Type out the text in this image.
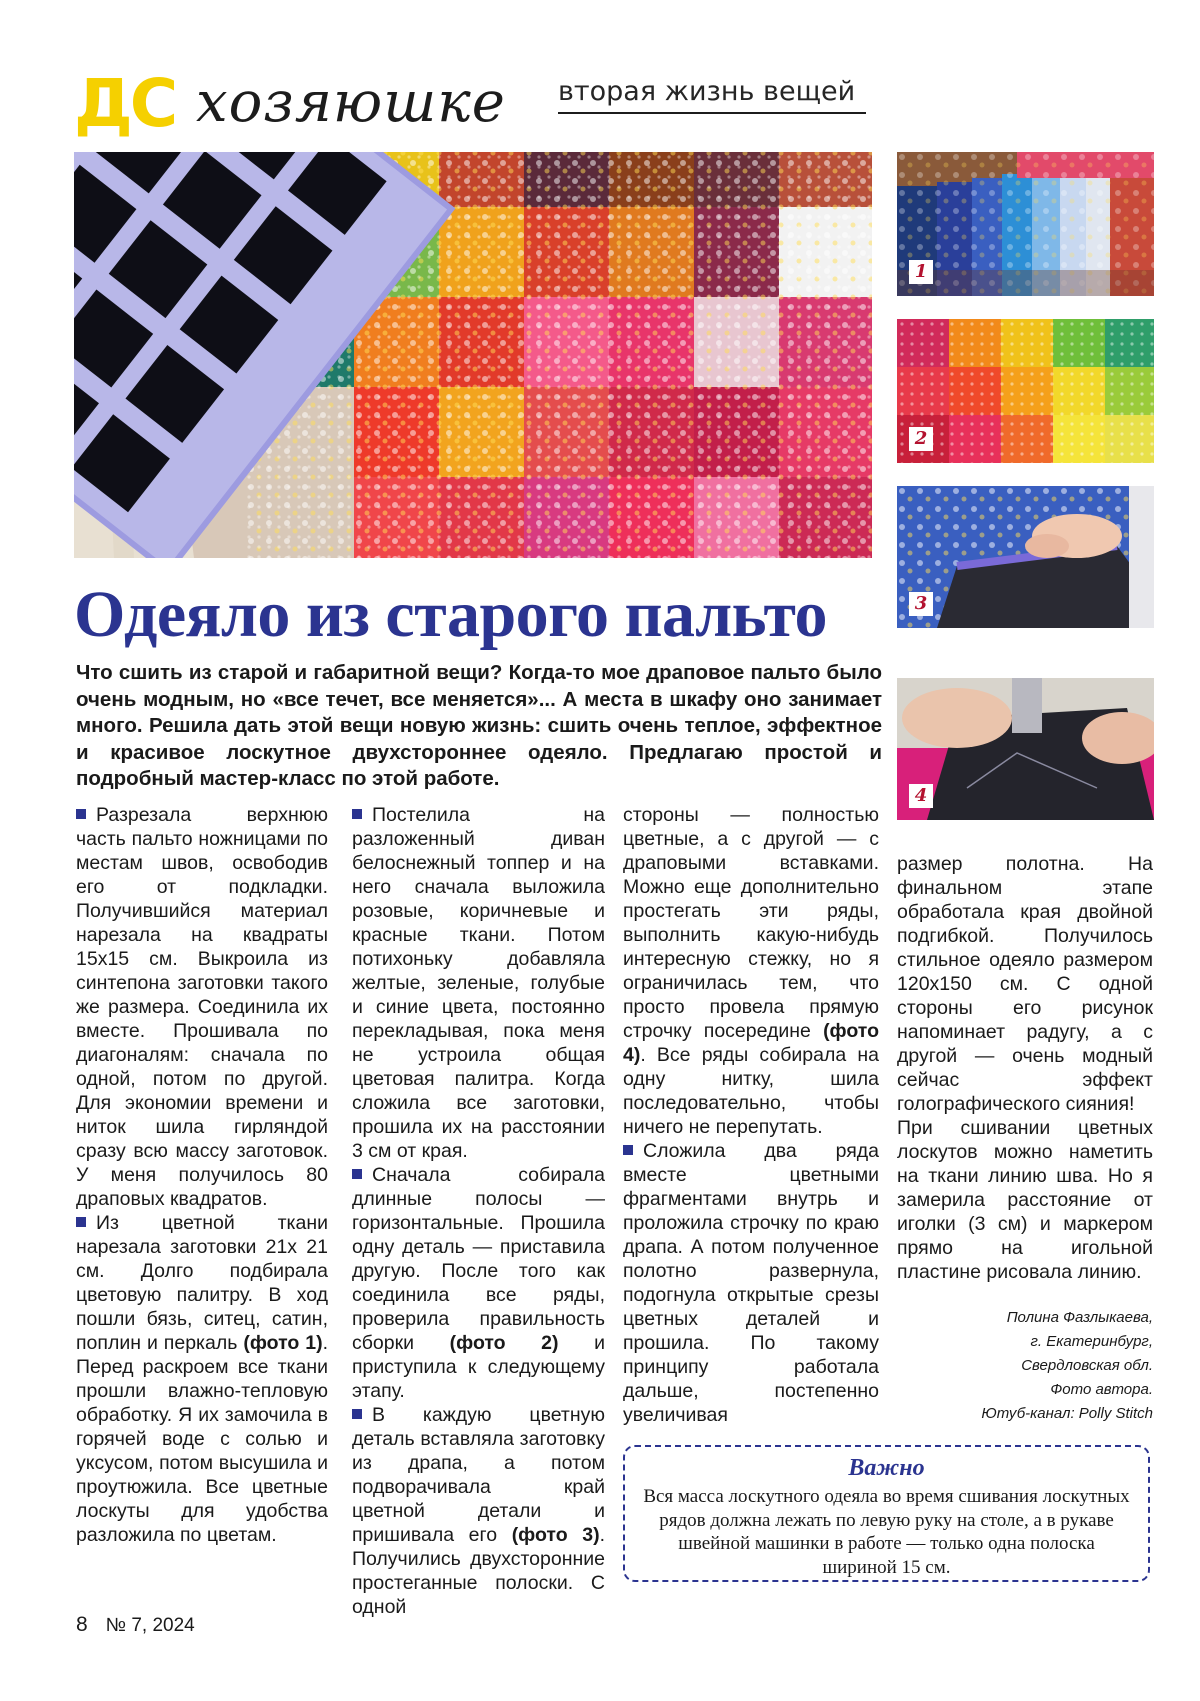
ДС хозяюшке вторая жизнь вещей
1
2
3
4
Одеяло из старого пальто

Что сшить из старой и габаритной вещи? Когда-то мое драповое пальто было очень модным, но «все течет, все меняется»... А места в шкафу оно занимает много. Решила дать этой вещи новую жизнь: сшить очень теплое, эффектное и красивое лоскутное двухстороннее одеяло. Предлагаю простой и подробный мастер-класс по этой работе.

Разрезала верхнюю часть пальто ножницами по местам швов, освободив его от подкладки. Получившийся материал нарезала на квадраты 15x15 см. Выкроила из синтепона заготовки такого же размера. Соединила их вместе. Прошивала по диагоналям: сначала по одной, потом по другой. Для экономии времени и ниток шила гирляндой сразу всю массу заготовок. У меня получилось 80 драповых квадратов.

Из цветной ткани нарезала заготовки 21x 21 см. Долго подбирала цветовую палитру. В ход пошли бязь, ситец, сатин, поплин и перкаль (фото 1). Перед раскроем все ткани прошли влажно-тепловую обработку. Я их замочила в горячей воде с солью и уксусом, потом высушила и проутюжила. Все цветные лоскуты для удобства разложила по цветам.

Постелила на разложенный диван белоснежный топпер и на него сначала выложила розовые, коричневые и красные ткани. Потом потихоньку добавляла желтые, зеленые, голубые и синие цвета, постоянно перекладывая, пока меня не устроила общая цветовая палитра. Когда сложила все заготовки, прошила их на расстоянии 3 см от края.

Сначала собирала длинные полосы — горизонтальные. Прошила одну деталь — приставила другую. После того как соединила все ряды, проверила правильность сборки (фото 2) и приступила к следующему этапу.

В каждую цветную деталь вставляла заготовку из драпа, а потом подворачивала край цветной детали и пришивала его (фото 3). Получились двухсторонние простеганные полоски. С одной

стороны — полностью цветные, а с другой — с драповыми вставками. Можно еще дополнительно простегать эти ряды, выполнить какую-нибудь интересную стежку, но я ограничилась тем, что просто провела прямую строчку посередине (фото 4). Все ряды собирала на одну нитку, шила последовательно, чтобы ничего не перепутать.

Сложила два ряда вместе цветными фрагментами внутрь и проложила строчку по краю драпа. А потом полученное полотно развернула, подогнула открытые срезы цветных деталей и прошила. По такому принципу работала дальше, постепенно увеличивая

размер полотна. На финальном этапе обработала края двойной подгибкой. Получилось стильное одеяло размером 120x150 см. С одной стороны его рисунок напоминает радугу, а с другой — очень модный сейчас эффект голографического сияния!

При сшивании цветных лоскутов можно наметить на ткани линию шва. Но я замерила расстояние от иголки (3 см) и маркером прямо на игольной пластине рисовала линию.

Полина Фазлыкаева,
г. Екатеринбург,
Свердловская обл.
Фото автора.
Ютуб-канал: Polly Stitch
Важно
Вся масса лоскутного одеяла во время сшивания лоскутных рядов должна лежать по левую руку на столе, а в рукаве швейной машинки в работе — только одна полоска шириной 15 см.
8 № 7, 2024
